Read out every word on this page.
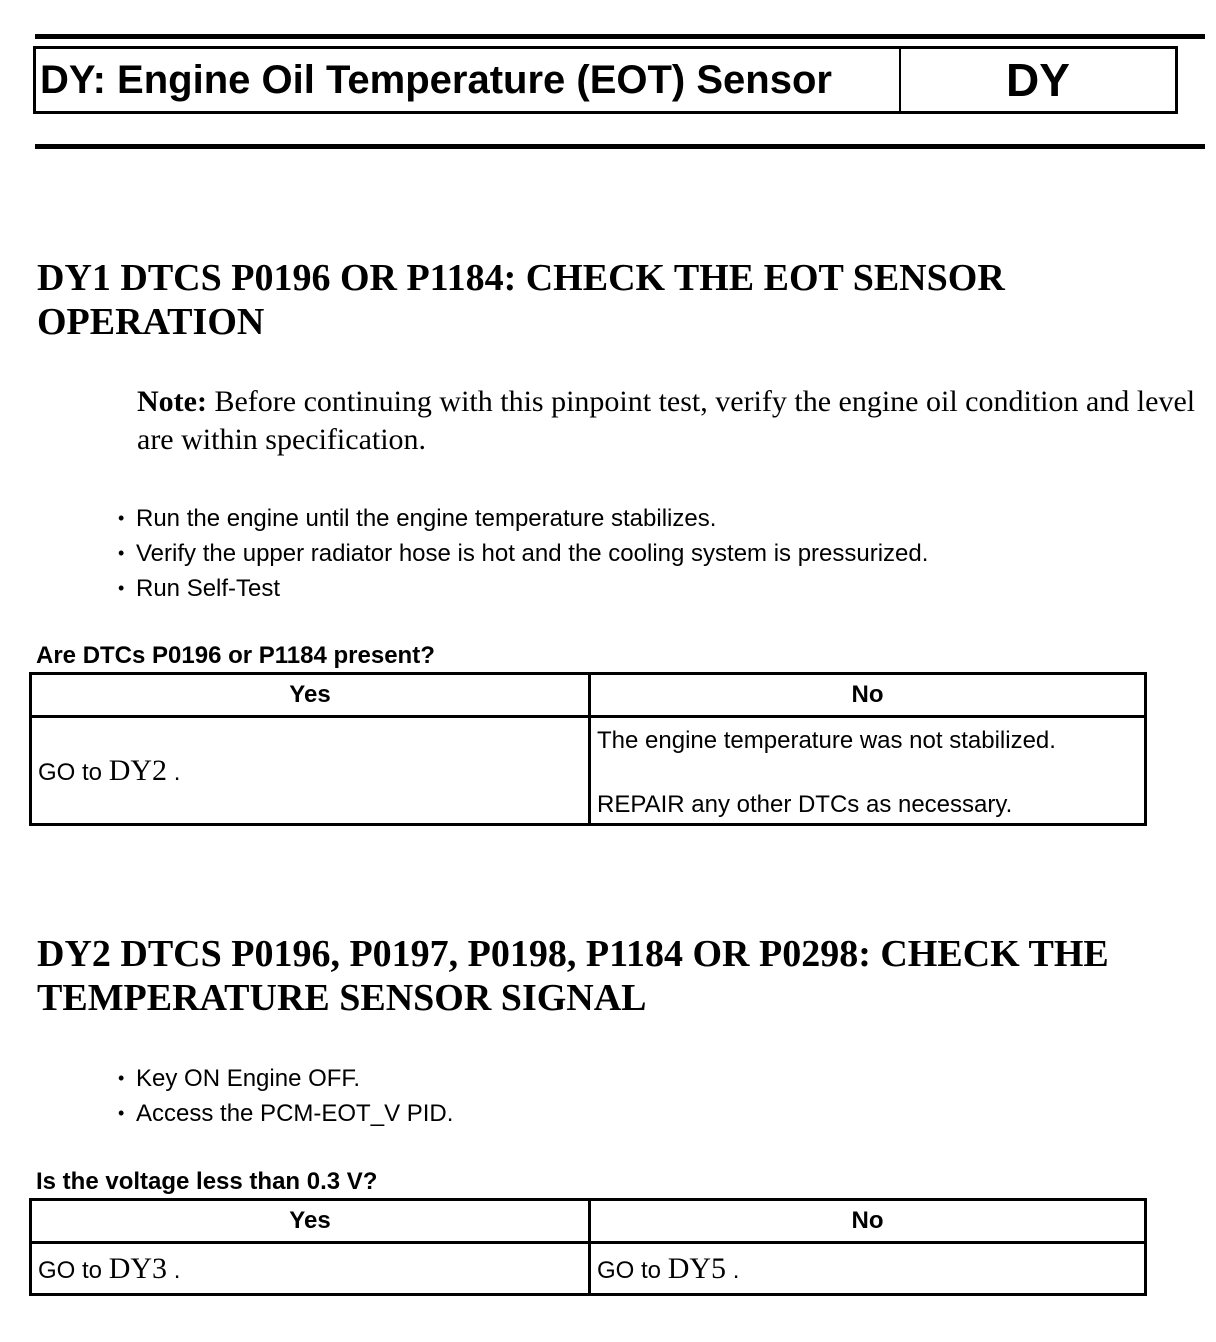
DY: Engine Oil Temperature (EOT) Sensor	DY
DY1 DTCS P0196 OR P1184: CHECK THE EOT SENSOR OPERATION
Note: Before continuing with this pinpoint test, verify the engine oil condition and level are within specification.
• Run the engine until the engine temperature stabilizes.
• Verify the upper radiator hose is hot and the cooling system is pressurized.
• Run Self-Test
Are DTCs P0196 or P1184 present?
Yes	No
GO to DY2 .	The engine temperature was not stabilized.
REPAIR any other DTCs as necessary.
DY2 DTCS P0196, P0197, P0198, P1184 OR P0298: CHECK THE TEMPERATURE SENSOR SIGNAL
• Key ON Engine OFF.
• Access the PCM-EOT_V PID.
Is the voltage less than 0.3 V?
Yes	No
GO to DY3 .	GO to DY5 .
